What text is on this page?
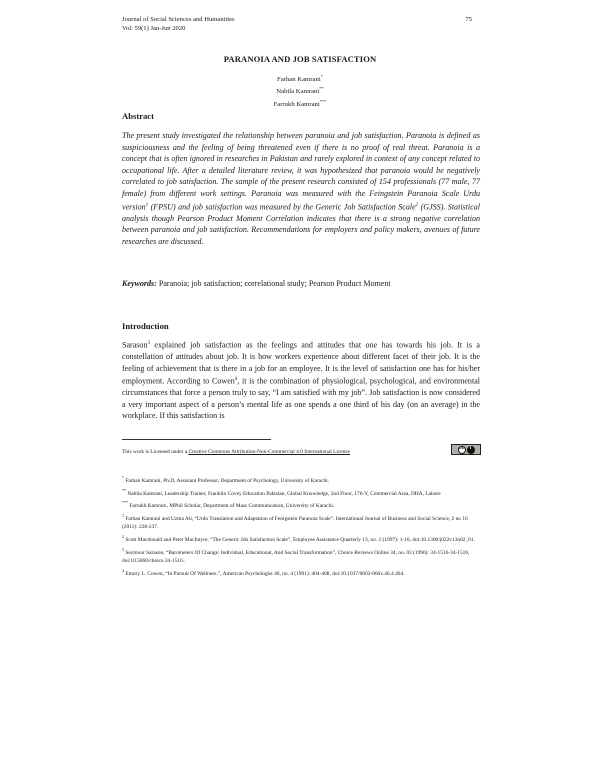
Journal of Social Sciences and Humanities
Vol: 59(1) Jan-Jun 2020
75
PARANOIA AND JOB SATISFACTION
Farhan Kamrani*
Nabila Kamrani**
Farrukh Kamrani***
Abstract

The present study investigated the relationship between paranoia and job satisfaction. Paranoia is defined as suspiciousness and the feeling of being threatened even if there is no proof of real threat. Paranoia is a concept that is often ignored in researches in Pakistan and rarely explored in context of any concept related to occupational life. After a detailed literature review, it was hypothesized that paranoia would be negatively correlated to job satisfaction. The sample of the present research consisted of 154 professionals (77 male, 77 female) from different work settings. Paranoia was measured with the Feingstein Paranoia Scale Urdu version$^1$ (FPSU) and job satisfaction was measured by the Generic Job Satisfaction Scale$^2$ (GJSS). Statistical analysis though Pearson Product Moment Correlation indicates that there is a strong negative correlation between paranoia and job satisfaction. Recommendations for employers and policy makers, avenues of future researches are discussed.

Keywords: Paranoia; job satisfaction; correlational study; Pearson Product Moment
Introduction

Sarason$^3$ explained job satisfaction as the feelings and attitudes that one has towards his job. It is a constellation of attitudes about job. It is how workers experience about different facet of their job. It is the feeling of achievement that is there in a job for an employee. It is the level of satisfaction one has for his/her employment. According to Cowen$^4$, it is the combination of physiological, psychological, and environmental circumstances that force a person truly to say, “I am satisfied with my job”. Job satisfaction is now considered a very important aspect of a person’s mental life as one spends a one third of his day (on an average) in the workplace. If this satisfaction is

This work is Licensed under a Creative Commons Attribution-Non-Commercial 4.0 International License
cc	i

* Farhan Kamrani, Ph.D, Assistant Professor, Department of Psychology, University of Karachi.

** Nabila Kamrani, Leadership Trainer, Franklin Covey Education Pakistan, Global Knowledge, 2nd Floor, 176-Y, Commercial Area, DHA, Lahore

*** Farrukh Kamrani, MPhil Scholar, Department of Mass Communication, University of Karachi.

$^1$ Farhan Kamrani and Uzma Ali, “Urdu Translation and Adaptation of Fenigstein Paranoia Scale”. International Journal of Business and Social Science, 2 no 16 (2011): 228-237.

$^2$ Scott Macdonald and Peter MacIntyre, “The Generic Job Satisfaction Scale”, Employee Assistance Quarterly 13, no. 2 (1997): 1-16, doi:10.1300/j022v13n02_01.

$^3$ Seymour Sarason, “Barometers Of Change: Individual, Educational, And Social Transformation”, Choice Reviews Online 34, no. 03 (1996): 34-1516-34-1516, doi:10.5860/choice.34-1516..

$^4$ Emory L. Cowen, “In Pursuit Of Wellness.”, American Psychologist 46, no. 4 (1991): 404-408, doi:10.1037/0003-066x.46.4.404.
